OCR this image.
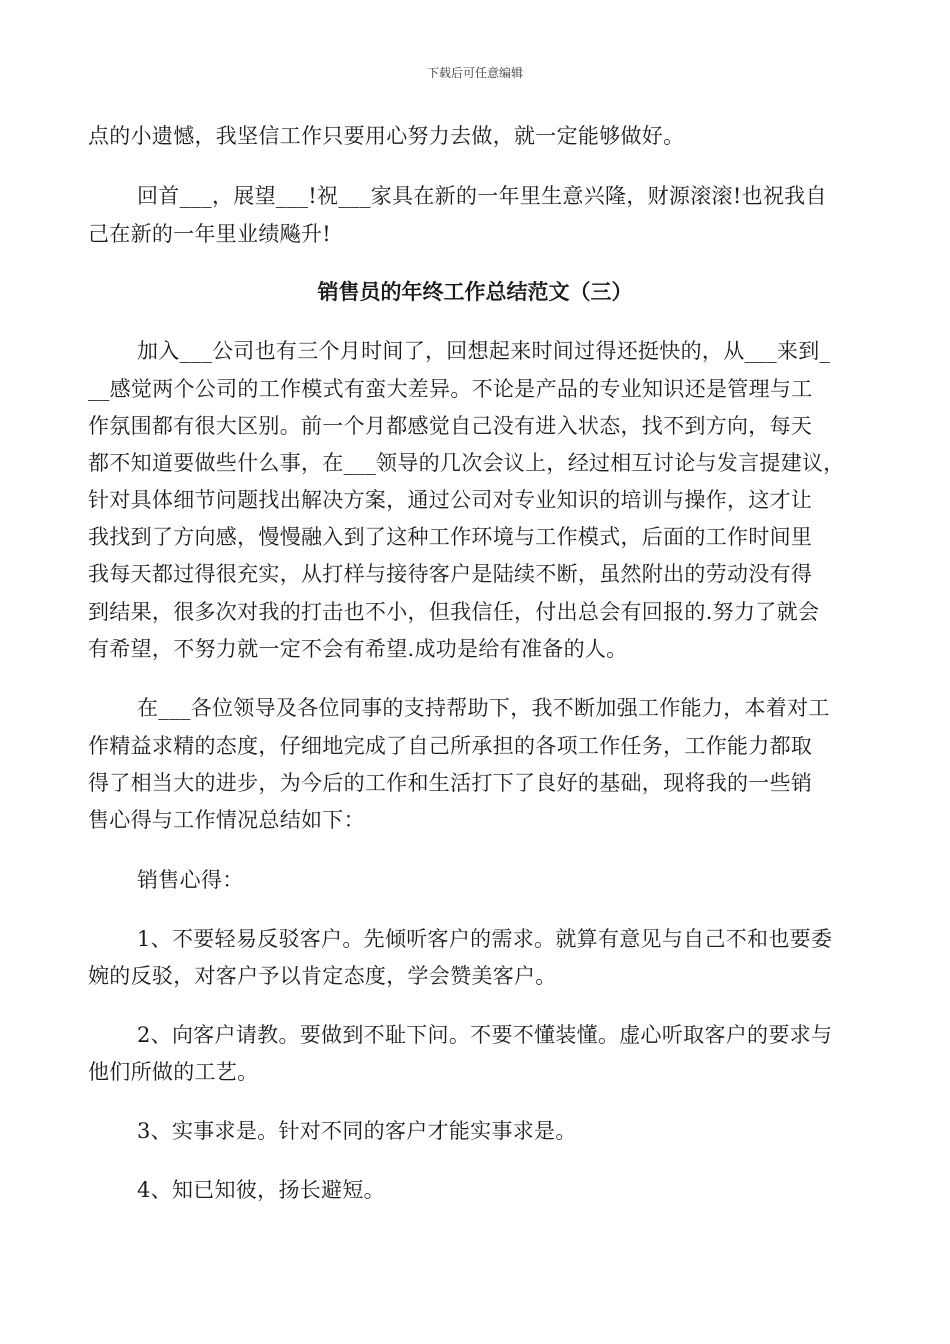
下载后可任意编辑
点的小遗憾，我坚信工作只要用心努力去做，就一定能够做好。
回首___，展望___!祝___家具在新的一年里生意兴隆，财源滚滚!也祝我自
己在新的一年里业绩飚升!
销售员的年终工作总结范文（三）
加入___公司也有三个月时间了，回想起来时间过得还挺快的，从___来到_
__感觉两个公司的工作模式有蛮大差异。不论是产品的专业知识还是管理与工
作氛围都有很大区别。前一个月都感觉自己没有进入状态，找不到方向，每天
都不知道要做些什么事，在___领导的几次会议上，经过相互讨论与发言提建议，
针对具体细节问题找出解决方案，通过公司对专业知识的培训与操作，这才让
我找到了方向感，慢慢融入到了这种工作环境与工作模式，后面的工作时间里
我每天都过得很充实，从打样与接待客户是陆续不断，虽然附出的劳动没有得
到结果，很多次对我的打击也不小，但我信任，付出总会有回报的.努力了就会
有希望，不努力就一定不会有希望.成功是给有准备的人。
在___各位领导及各位同事的支持帮助下，我不断加强工作能力，本着对工
作精益求精的态度，仔细地完成了自己所承担的各项工作任务，工作能力都取
得了相当大的进步，为今后的工作和生活打下了良好的基础，现将我的一些销
售心得与工作情况总结如下：
销售心得：
1、不要轻易反驳客户。先倾听客户的需求。就算有意见与自己不和也要委
婉的反驳，对客户予以肯定态度，学会赞美客户。
2、向客户请教。要做到不耻下问。不要不懂装懂。虚心听取客户的要求与
他们所做的工艺。
3、实事求是。针对不同的客户才能实事求是。
4、知已知彼，扬长避短。
